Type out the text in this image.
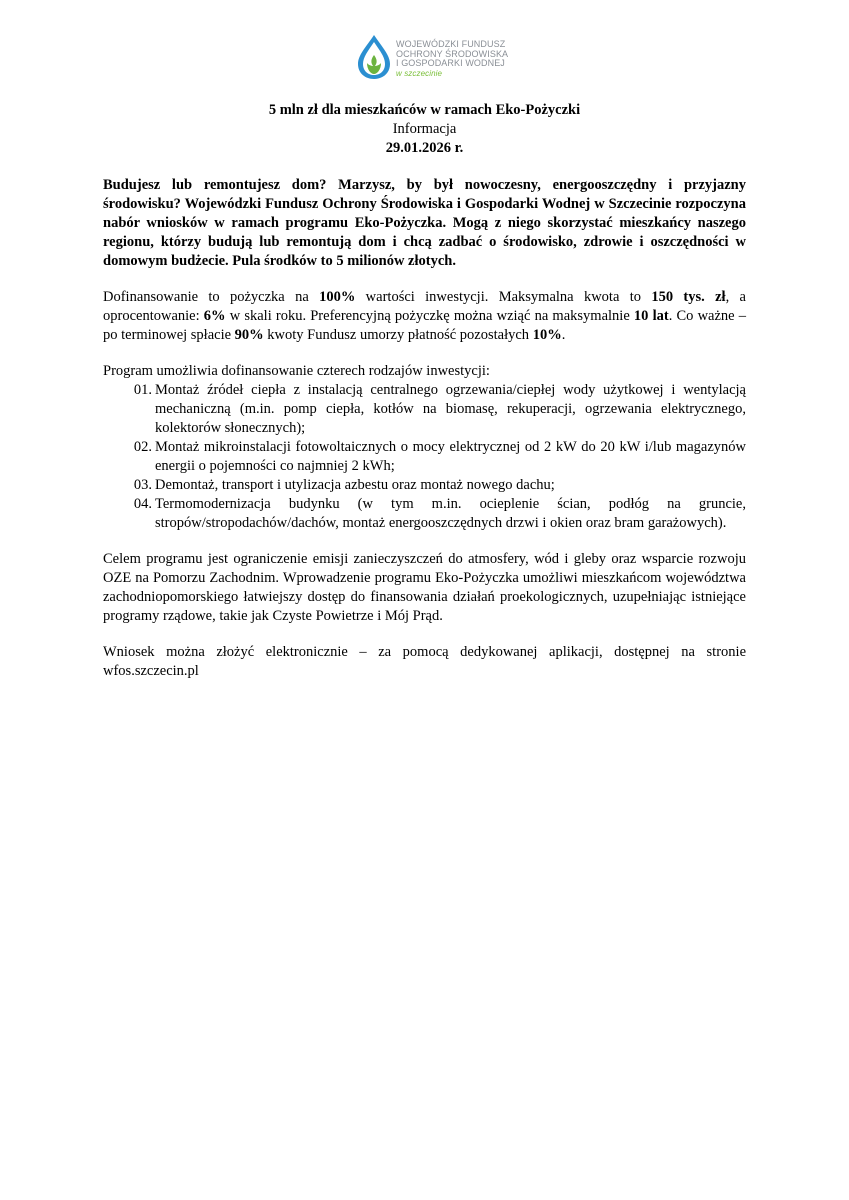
WOJEWÓDZKI FUNDUSZ
OCHRONY ŚRODOWISKA
I GOSPODARKI WODNEJ
w szczecinie
5 mln zł dla mieszkańców w ramach Eko-Pożyczki
Informacja
29.01.2026 r.

Budujesz lub remontujesz dom? Marzysz, by był nowoczesny, energooszczędny i przyjazny środowisku? Wojewódzki Fundusz Ochrony Środowiska i Gospodarki Wodnej w Szczecinie rozpoczyna nabór wniosków w ramach programu Eko-Pożyczka. Mogą z niego skorzystać mieszkańcy naszego regionu, którzy budują lub remontują dom i chcą zadbać o środowisko, zdrowie i oszczędności w domowym budżecie. Pula środków to 5 milionów złotych.

Dofinansowanie to pożyczka na 100% wartości inwestycji. Maksymalna kwota to 150 tys. zł, a oprocentowanie: 6% w skali roku. Preferencyjną pożyczkę można wziąć na maksymalnie 10 lat. Co ważne – po terminowej spłacie 90% kwoty Fundusz umorzy płatność pozostałych 10%.

Program umożliwia dofinansowanie czterech rodzajów inwestycji:

01. Montaż źródeł ciepła z instalacją centralnego ogrzewania/ciepłej wody użytkowej i wentylacją mechaniczną (m.in. pomp ciepła, kotłów na biomasę, rekuperacji, ogrzewania elektrycznego, kolektorów słonecznych);
02. Montaż mikroinstalacji fotowoltaicznych o mocy elektrycznej od 2 kW do 20 kW i/lub magazynów energii o pojemności co najmniej 2 kWh;
03. Demontaż, transport i utylizacja azbestu oraz montaż nowego dachu;
04. Termomodernizacja budynku (w tym m.in. ocieplenie ścian, podłóg na gruncie, stropów/stropodachów/dachów, montaż energooszczędnych drzwi i okien oraz bram garażowych).

Celem programu jest ograniczenie emisji zanieczyszczeń do atmosfery, wód i gleby oraz wsparcie rozwoju OZE na Pomorzu Zachodnim. Wprowadzenie programu Eko-Pożyczka umożliwi mieszkańcom województwa zachodniopomorskiego łatwiejszy dostęp do finansowania działań proekologicznych, uzupełniając istniejące programy rządowe, takie jak Czyste Powietrze i Mój Prąd.

Wniosek można złożyć elektronicznie – za pomocą dedykowanej aplikacji, dostępnej na stronie wfos.szczecin.pl
